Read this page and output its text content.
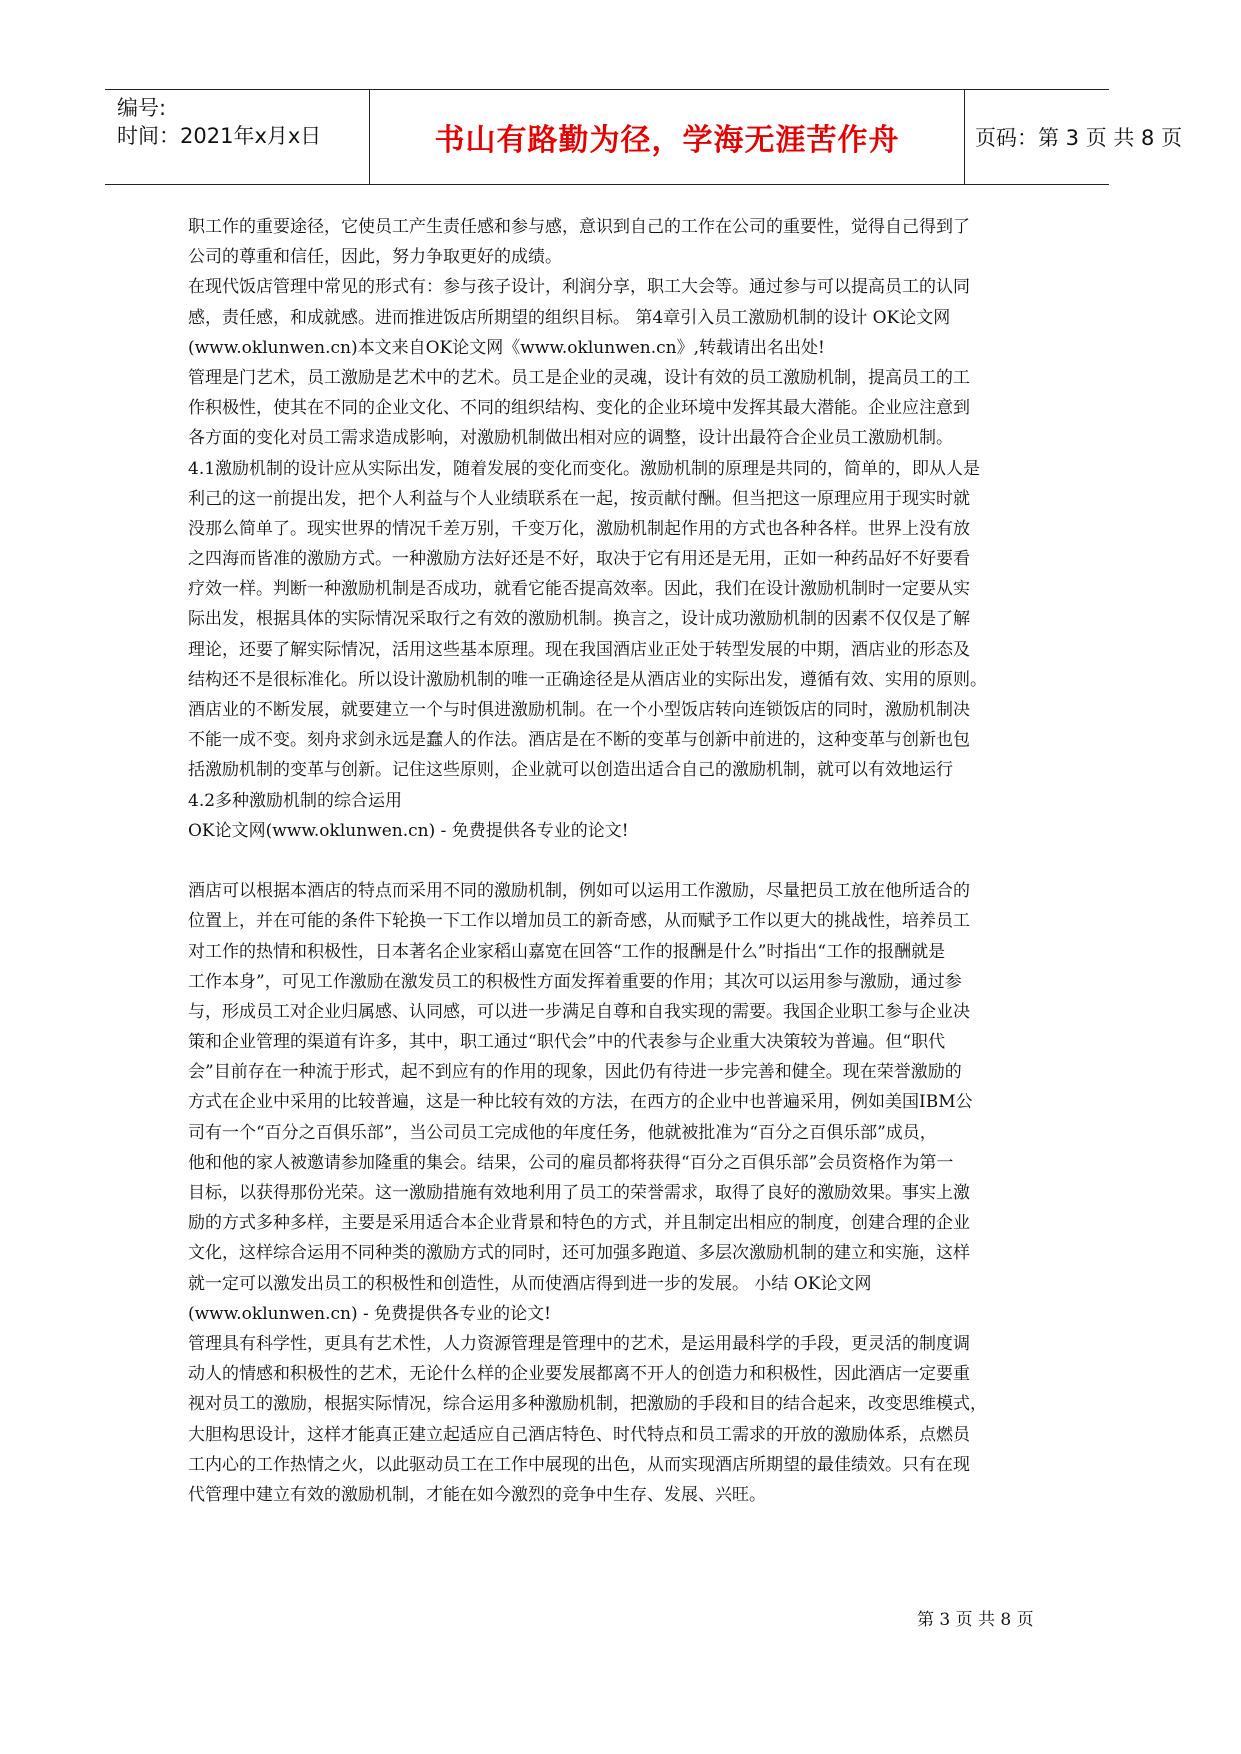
编号:
时间：2021年x月x日	书山有路勤为径，学海无涯苦作舟	页码：第 3 页 共 8 页
职工作的重要途径，它使员工产生责任感和参与感，意识到自己的工作在公司的重要性，觉得自己得到了
公司的尊重和信任，因此，努力争取更好的成绩。
在现代饭店管理中常见的形式有：参与孩子设计，利润分享，职工大会等。通过参与可以提高员工的认同
感，责任感，和成就感。进而推进饭店所期望的组织目标。 第4章引入员工激励机制的设计 OK论文网
(www.oklunwen.cn)本文来自OK论文网《www.oklunwen.cn》,转载请出名出处!
管理是门艺术，员工激励是艺术中的艺术。员工是企业的灵魂，设计有效的员工激励机制，提高员工的工
作积极性，使其在不同的企业文化、不同的组织结构、变化的企业环境中发挥其最大潜能。企业应注意到
各方面的变化对员工需求造成影响，对激励机制做出相对应的调整，设计出最符合企业员工激励机制。
4.1激励机制的设计应从实际出发，随着发展的变化而变化。激励机制的原理是共同的，简单的，即从人是
利己的这一前提出发，把个人利益与个人业绩联系在一起，按贡献付酬。但当把这一原理应用于现实时就
没那么简单了。现实世界的情况千差万别，千变万化，激励机制起作用的方式也各种各样。世界上没有放
之四海而皆准的激励方式。一种激励方法好还是不好，取决于它有用还是无用，正如一种药品好不好要看
疗效一样。判断一种激励机制是否成功，就看它能否提高效率。因此，我们在设计激励机制时一定要从实
际出发，根据具体的实际情况采取行之有效的激励机制。换言之，设计成功激励机制的因素不仅仅是了解
理论，还要了解实际情况，活用这些基本原理。现在我国酒店业正处于转型发展的中期，酒店业的形态及
结构还不是很标准化。所以设计激励机制的唯一正确途径是从酒店业的实际出发，遵循有效、实用的原则。
酒店业的不断发展，就要建立一个与时俱进激励机制。在一个小型饭店转向连锁饭店的同时，激励机制决
不能一成不变。刻舟求剑永远是蠢人的作法。酒店是在不断的变革与创新中前进的，这种变革与创新也包
括激励机制的变革与创新。记住这些原则，企业就可以创造出适合自己的激励机制，就可以有效地运行
4.2多种激励机制的综合运用
OK论文网(www.oklunwen.cn) - 免费提供各专业的论文!
酒店可以根据本酒店的特点而采用不同的激励机制，例如可以运用工作激励，尽量把员工放在他所适合的
位置上，并在可能的条件下轮换一下工作以增加员工的新奇感，从而赋予工作以更大的挑战性，培养员工
对工作的热情和积极性，日本著名企业家稻山嘉宽在回答“工作的报酬是什么”时指出“工作的报酬就是
工作本身”，可见工作激励在激发员工的积极性方面发挥着重要的作用；其次可以运用参与激励，通过参
与，形成员工对企业归属感、认同感，可以进一步满足自尊和自我实现的需要。我国企业职工参与企业决
策和企业管理的渠道有许多，其中，职工通过“职代会”中的代表参与企业重大决策较为普遍。但“职代
会”目前存在一种流于形式，起不到应有的作用的现象，因此仍有待进一步完善和健全。现在荣誉激励的
方式在企业中采用的比较普遍，这是一种比较有效的方法，在西方的企业中也普遍采用，例如美国IBM公
司有一个“百分之百俱乐部”，当公司员工完成他的年度任务，他就被批准为“百分之百俱乐部”成员，
他和他的家人被邀请参加隆重的集会。结果，公司的雇员都将获得“百分之百俱乐部”会员资格作为第一
目标，以获得那份光荣。这一激励措施有效地利用了员工的荣誉需求，取得了良好的激励效果。事实上激
励的方式多种多样，主要是采用适合本企业背景和特色的方式，并且制定出相应的制度，创建合理的企业
文化，这样综合运用不同种类的激励方式的同时，还可加强多跑道、多层次激励机制的建立和实施，这样
就一定可以激发出员工的积极性和创造性，从而使酒店得到进一步的发展。 小结 OK论文网
(www.oklunwen.cn) - 免费提供各专业的论文!
管理具有科学性，更具有艺术性，人力资源管理是管理中的艺术，是运用最科学的手段，更灵活的制度调
动人的情感和积极性的艺术，无论什么样的企业要发展都离不开人的创造力和积极性，因此酒店一定要重
视对员工的激励，根据实际情况，综合运用多种激励机制，把激励的手段和目的结合起来，改变思维模式，
大胆构思设计，这样才能真正建立起适应自己酒店特色、时代特点和员工需求的开放的激励体系，点燃员
工内心的工作热情之火，以此驱动员工在工作中展现的出色，从而实现酒店所期望的最佳绩效。只有在现
代管理中建立有效的激励机制，才能在如今激烈的竞争中生存、发展、兴旺。
第 3 页 共 8 页
